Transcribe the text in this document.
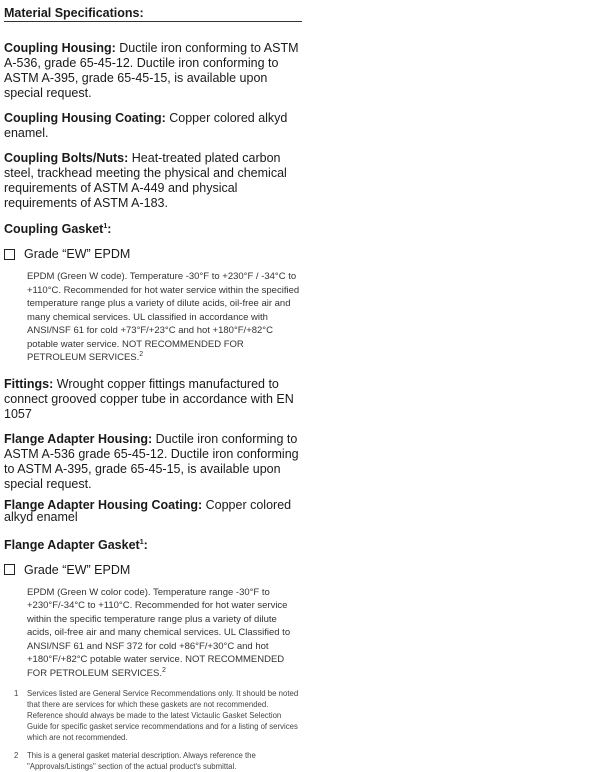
Material Specifications:

Coupling Housing: Ductile iron conforming to ASTM A-536, grade 65-45-12. Ductile iron conforming to ASTM A-395, grade 65-45-15, is available upon special request.

Coupling Housing Coating: Copper colored alkyd enamel.

Coupling Bolts/Nuts: Heat-treated plated carbon steel, trackhead meeting the physical and chemical requirements of ASTM A-449 and physical requirements of ASTM A-183.

Coupling Gasket$^1$:

Grade “EW” EPDM

EPDM (Green W code). Temperature -30°F to +230°F / -34°C to +110°C. Recommended for hot water service within the specified temperature range plus a variety of dilute acids, oil-free air and many chemical services. UL classified in accordance with ANSI/NSF 61 for cold +73°F/+23°C and hot +180°F/+82°C potable water service. NOT RECOMMENDED FOR PETROLEUM SERVICES.$^2$

Fittings: Wrought copper fittings manufactured to connect grooved copper tube in accordance with EN 1057

Flange Adapter Housing: Ductile iron conforming to ASTM A-536 grade 65-45-12. Ductile iron conforming to ASTM A-395, grade 65-45-15, is available upon special request.

Flange Adapter Housing Coating: Copper colored alkyd enamel

Flange Adapter Gasket$^1$:

Grade “EW” EPDM

EPDM (Green W color code). Temperature range -30°F to +230°F/-34°C to +110°C. Recommended for hot water service within the specific temperature range plus a variety of dilute acids, oil-free air and many chemical services. UL Classified to ANSI/NSF 61 and NSF 372 for cold +86°F/+30°C and hot +180°F/+82°C potable water service. NOT RECOMMENDED FOR PETROLEUM SERVICES.$^2$

1	Services listed are General Service Recommendations only. It should be noted that there are services for which these gaskets are not recommended. Reference should always be made to the latest Victaulic Gasket Selection Guide for specific gasket service recommendations and for a listing of services which are not recommended.
2	This is a general gasket material description. Always reference the "Approvals/Listings" section of the actual product's submittal.
